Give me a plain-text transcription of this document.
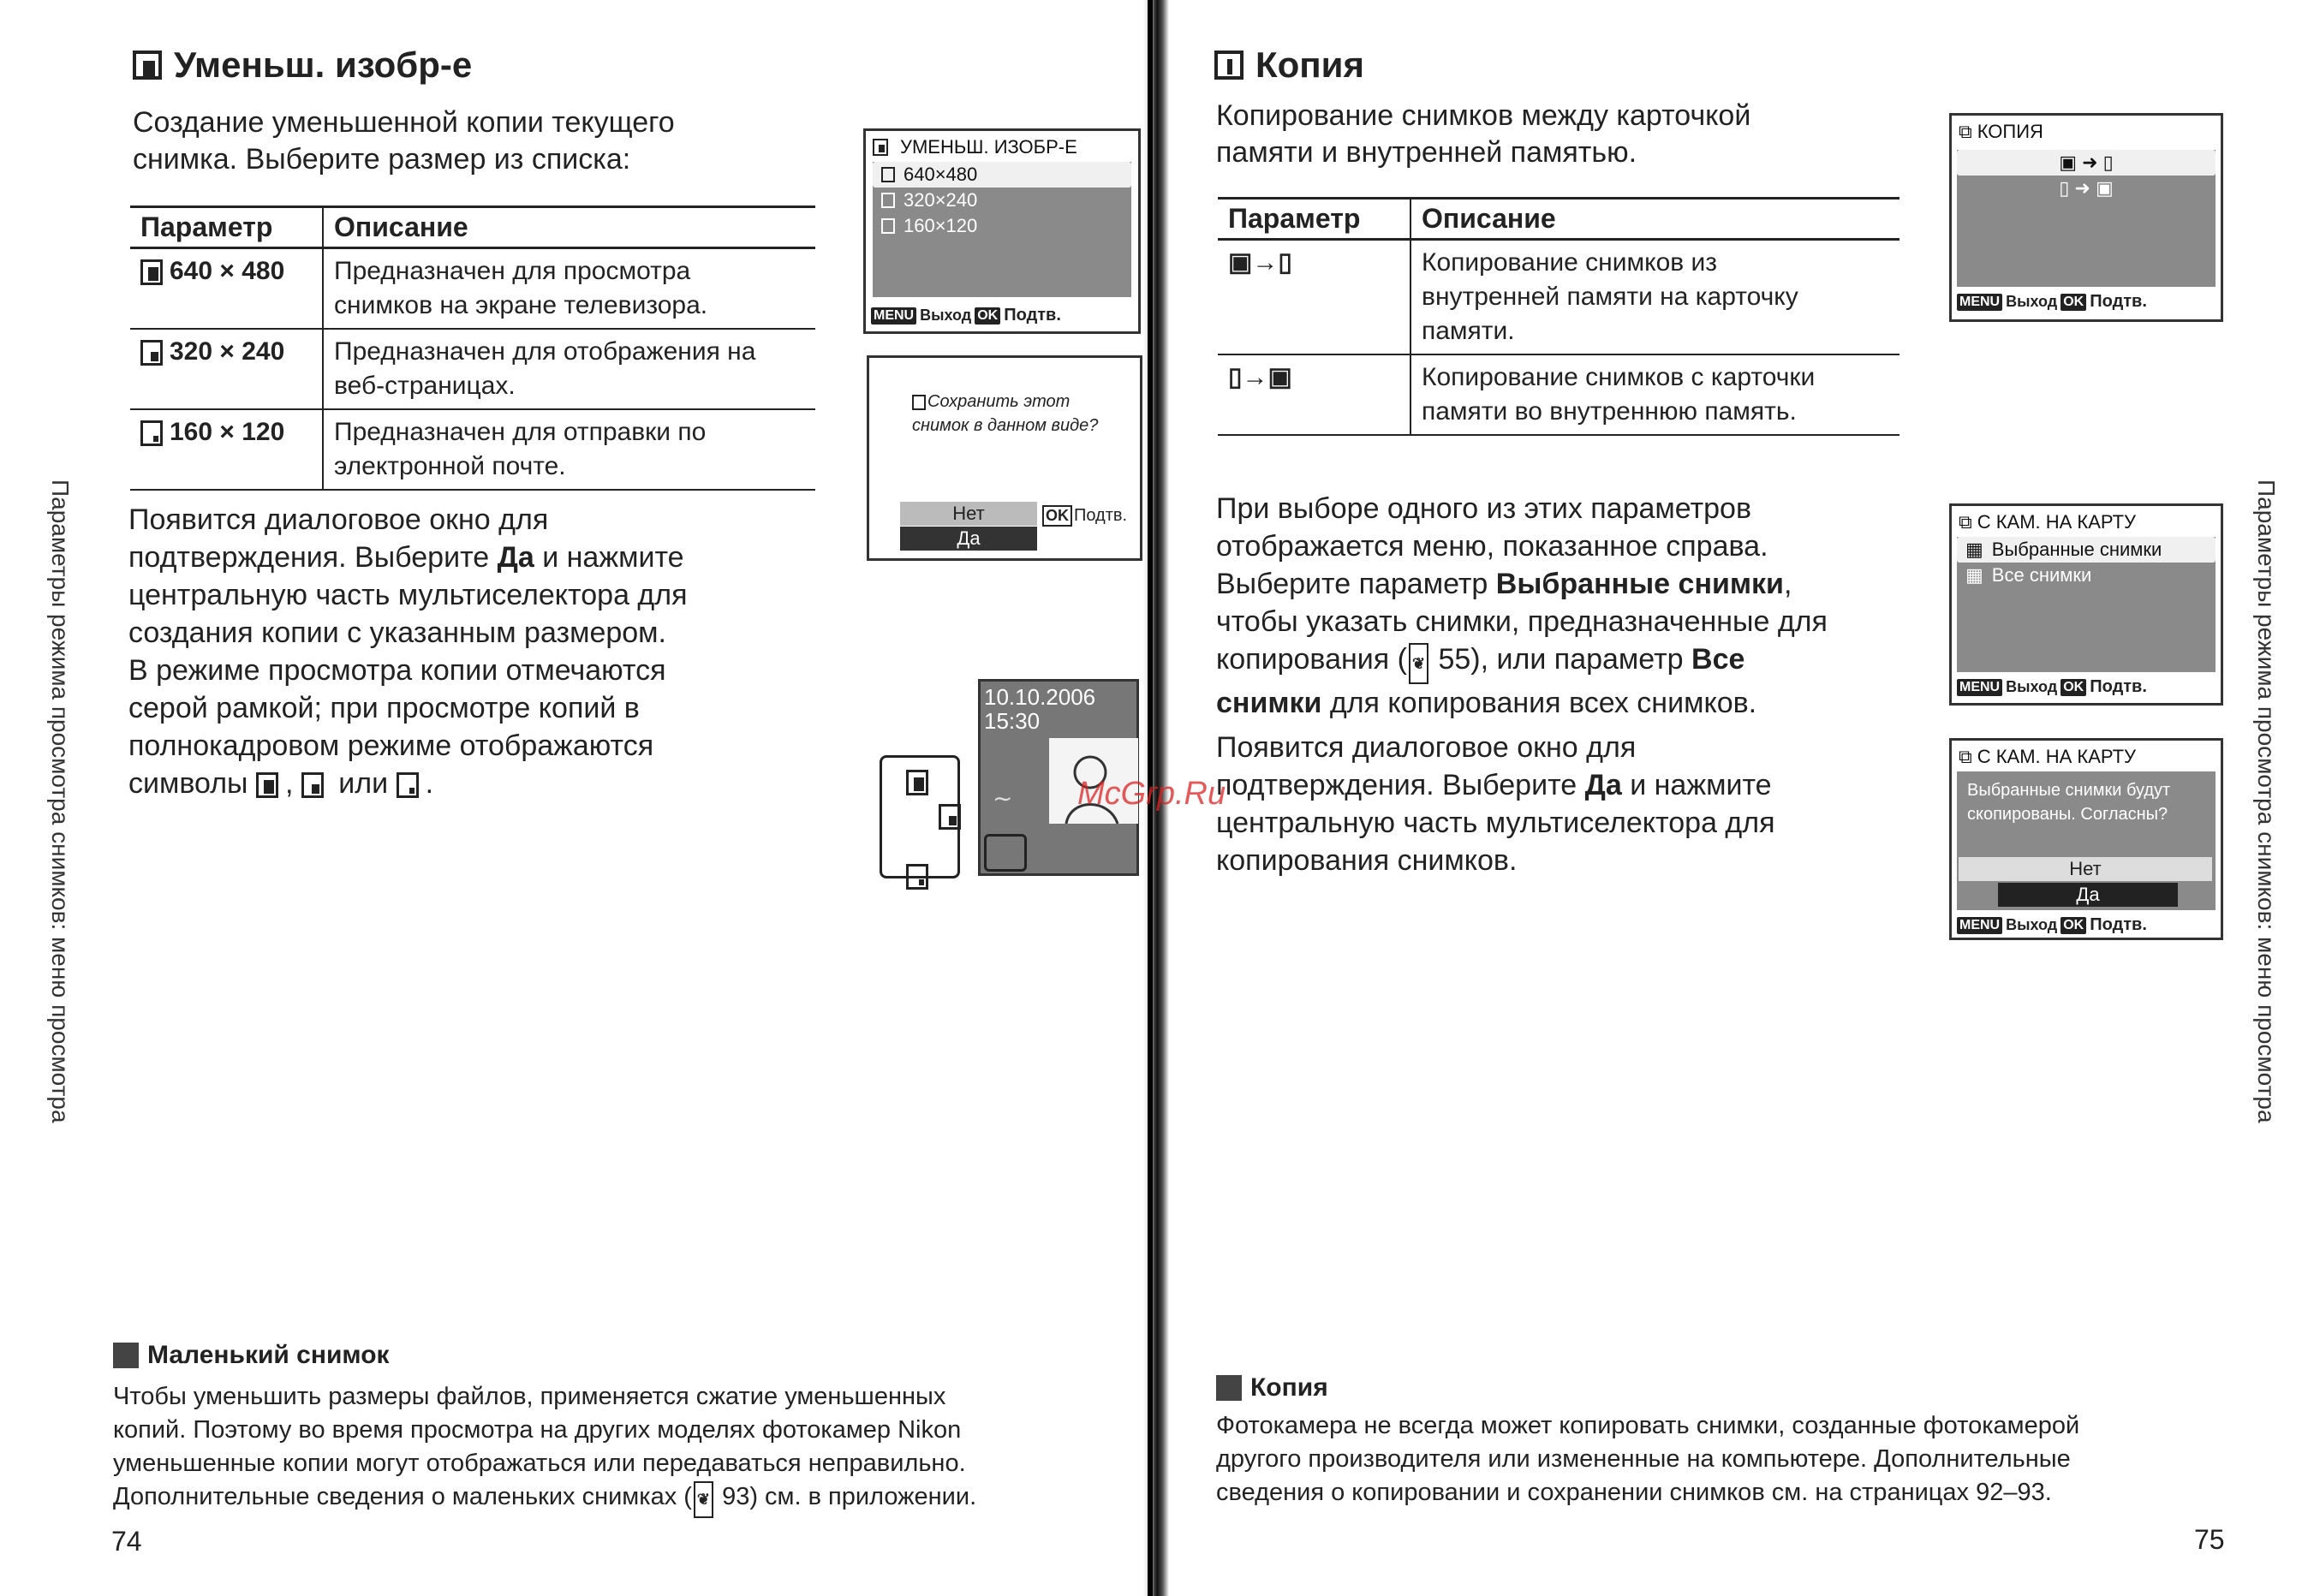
Уменьш. изобр-е
Создание уменьшенной копии текущего
снимка. Выберите размер из списка:
Параметр	Описание

640 × 480	Предназначен для просмотра
снимков на экране телевизора.

320 × 240	Предназначен для отображения на
веб-страницах.

160 × 120	Предназначен для отправки по
электронной почте.
Появится диалоговое окно для
подтверждения. Выберите Да и нажмите
центральную часть мультиселектора для
создания копии с указанным размером.
В режиме просмотра копии отмечаются
серой рамкой; при просмотре копий в
полнокадровом режиме отображаются
символы
,
или
.
УМЕНЬШ. ИЗОБР-Е
640×480
320×240
160×120
MENU Выход OK Подтв.
Сохранить этот
снимок в данном виде?
Нет
Да
OK Подтв.
10.10.2006
15:30
∼

Маленький снимок
Чтобы уменьшить размеры файлов, применяется сжатие уменьшенных
копий. Поэтому во время просмотра на других моделях фотокамер Nikon
уменьшенные копии могут отображаться или передаваться неправильно.
Дополнительные сведения о маленьких снимках ( ❦ 93) см. в приложении.
74
Параметры режима просмотра снимков: меню просмотра
Копия
Копирование снимков между карточкой
памяти и внутренней памятью.
Параметр	Описание
▣→▯	Копирование снимков из
внутренней памяти на карточку
памяти.

▯→▣	Копирование снимков с карточки
памяти во внутреннюю память.
При выборе одного из этих параметров
отображается меню, показанное справа.
Выберите параметр Выбранные снимки,
чтобы указать снимки, предназначенные для
копирования ( ❦ 55), или параметр Все
снимки для копирования всех снимков.
Появится диалоговое окно для
подтверждения. Выберите Да и нажмите
центральную часть мультиселектора для
копирования снимков.
⧉ КОПИЯ
▣ ➜ ▯
▯ ➜ ▣
MENU Выход OK Подтв.
⧉ С КАМ. НА КАРТУ
▦ Выбранные снимки
▦ Все снимки
MENU Выход OK Подтв.
⧉ С КАМ. НА КАРТУ
Выбранные снимки будут
скопированы. Согласны?
Нет
Да
MENU Выход OK Подтв.
Копия
Фотокамера не всегда может копировать снимки, созданные фотокамерой
другого производителя или измененные на компьютере. Дополнительные
сведения о копировании и сохранении снимков см. на страницах 92–93.
75
Параметры режима просмотра снимков: меню просмотра
McGrp.Ru
